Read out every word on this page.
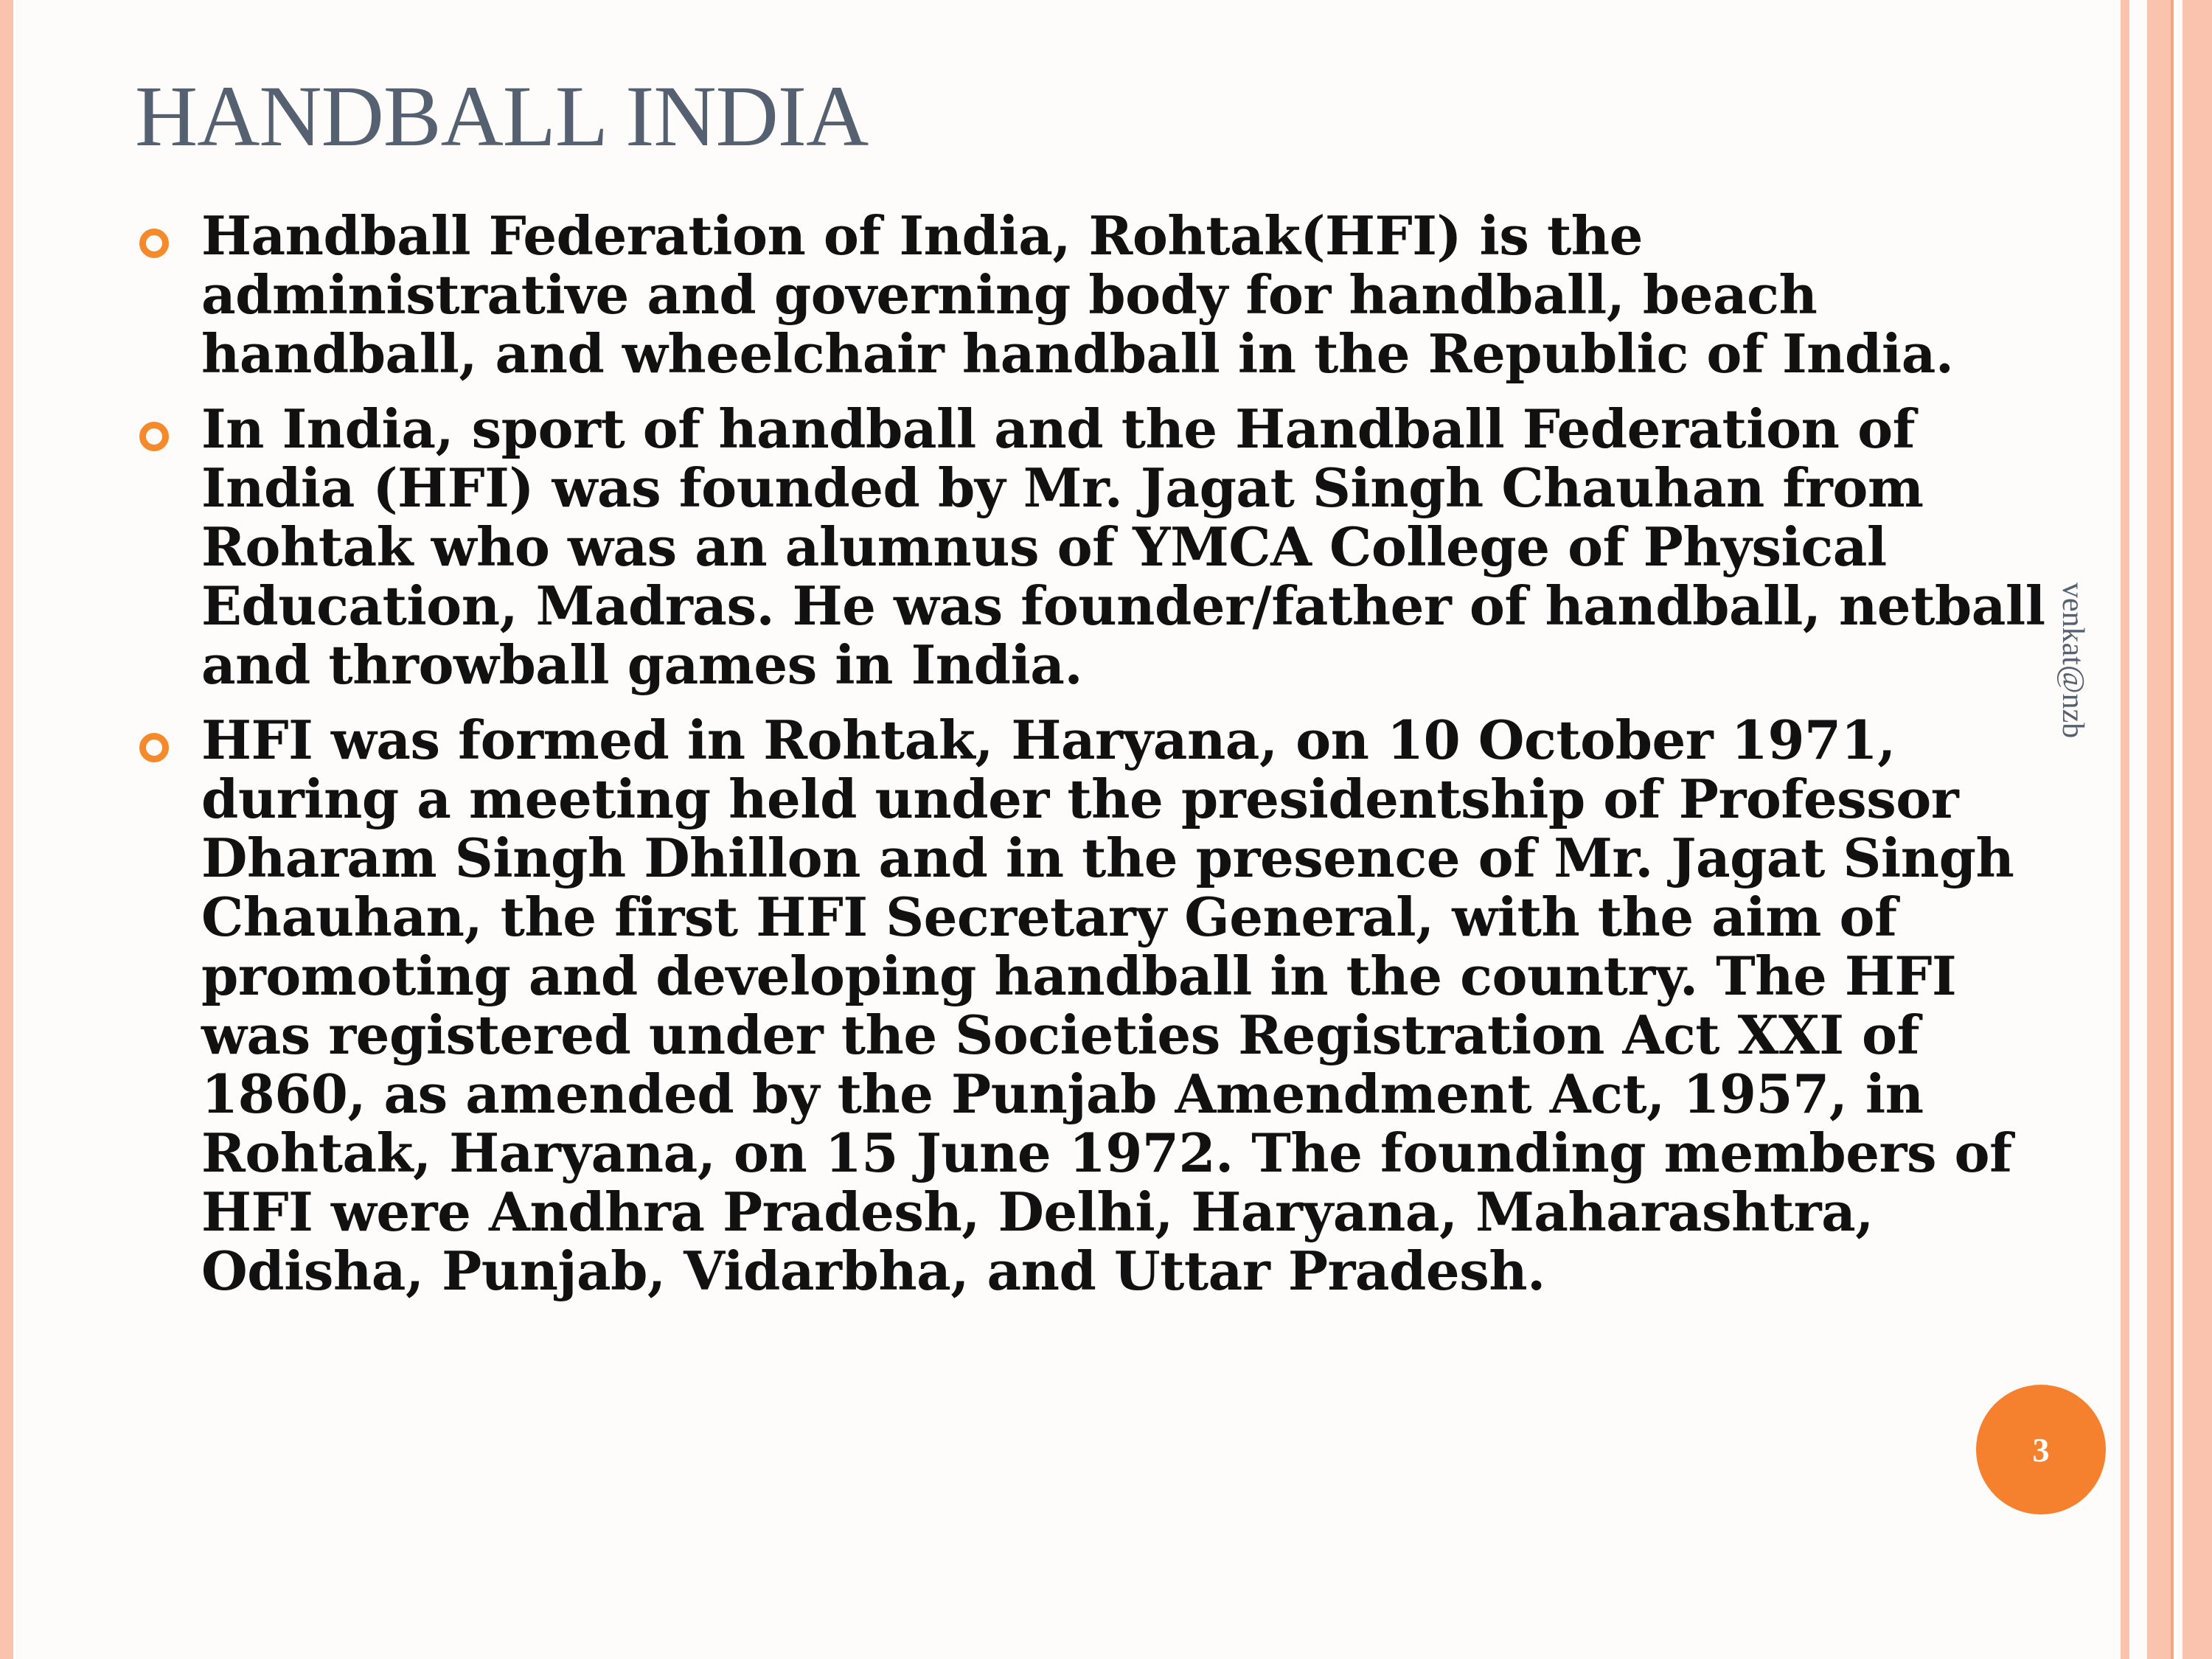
HANDBALL INDIA
Handball Federation of India, Rohtak(HFI) is the administrative and governing body for handball, beach handball, and wheelchair handball in the Republic of India.
In India, sport of handball and the Handball Federation of India (HFI) was founded by Mr. Jagat Singh Chauhan from Rohtak who was an alumnus of YMCA College of Physical Education, Madras. He was founder/father of handball, netball and throwball games in India.
HFI was formed in Rohtak, Haryana, on 10 October 1971, during a meeting held under the presidentship of Professor Dharam Singh Dhillon and in the presence of Mr. Jagat Singh Chauhan, the first HFI Secretary General, with the aim of promoting and developing handball in the country. The HFI was registered under the Societies Registration Act XXI of 1860, as amended by the Punjab Amendment Act, 1957, in Rohtak, Haryana, on 15 June 1972. The founding members of HFI were Andhra Pradesh, Delhi, Haryana, Maharashtra, Odisha, Punjab, Vidarbha, and Uttar Pradesh.
venkat@nzb
3
